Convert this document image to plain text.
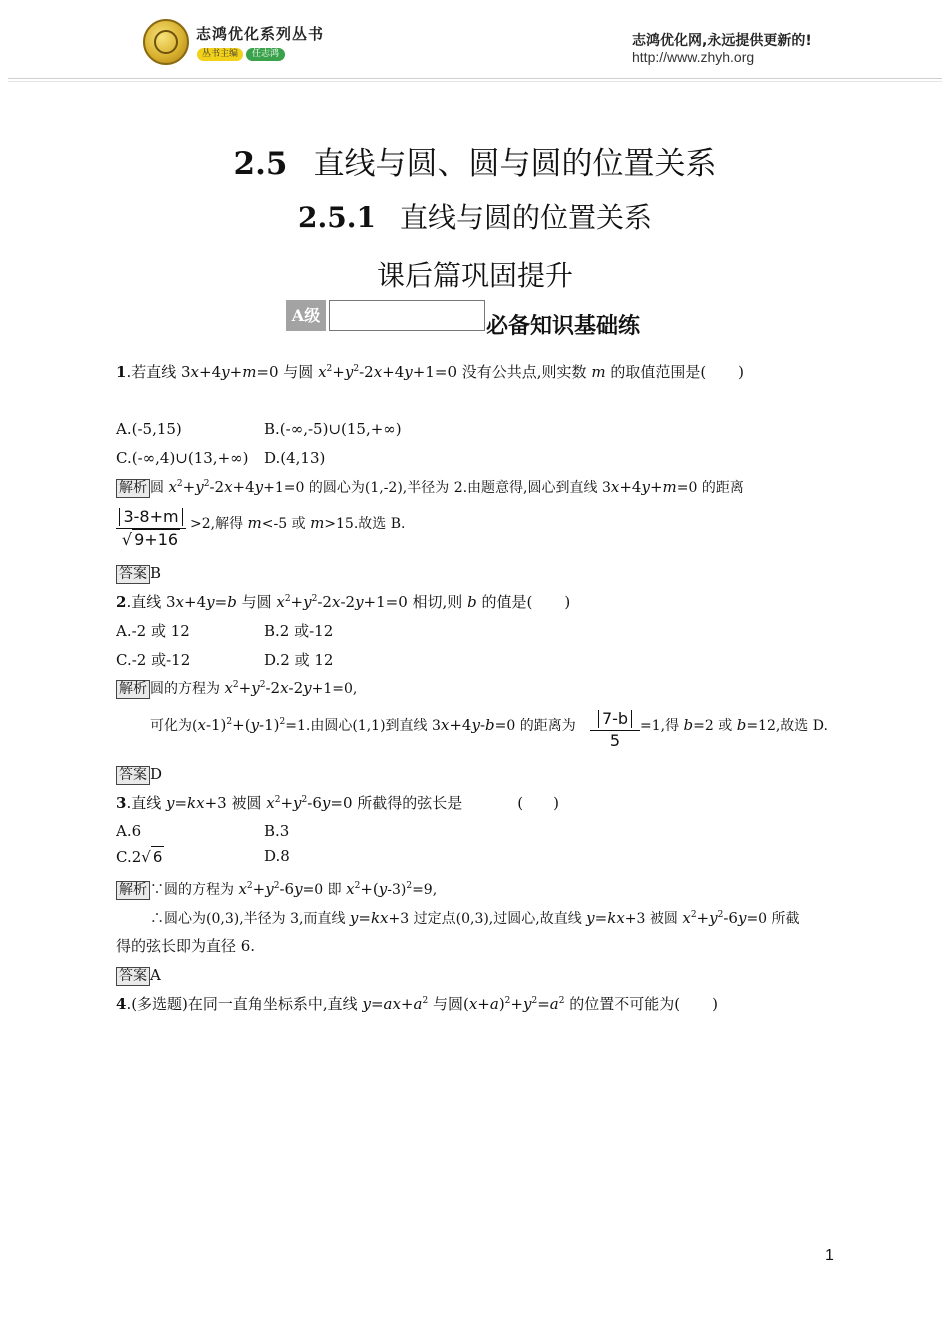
志鸿优化系列丛书
丛书主编	任志鸿
志鸿优化网,永远提供更新的!
http://www.zhyh.org
2.5 直线与圆、圆与圆的位置关系
2.5.1 直线与圆的位置关系
课后篇巩固提升
A级	必备知识基础练
1.若直线 3x+4y+m=0 与圆 $x^2+y^2-2x+4y+1=0$ 没有公共点,则实数 m 的取值范围是( )
A.(-5,15)	B.(-∞,-5)∪(15,+∞)
C.(-∞,4)∪(13,+∞) D.(4,13)
解析 圆 $x^2+y^2-2x+4y+1=0$ 的圆心为(1,-2),半径为 2.由题意得,圆心到直线 3x+4y+m=0 的距离
3-8+m
√ 9+16
>2,解得 m<-5 或 m>15.故选 B.
答案 B
2.直线 3x+4y=b 与圆 $x^2+y^2-2x-2y+1=0$ 相切,则 b 的值是( )
A.-2 或 12	B.2 或-12
C.-2 或-12	D.2 或 12
解析 圆的方程为 $x^2+y^2-2x-2y+1=0$,
可化为$(x-1)^2+(y-1)^2=1$.由圆心(1,1)到直线 3x+4y-b=0 的距离为	7-b
5
=1,得 b=2 或 b=12,故选 D.
答案 D
3.直线 y=kx+3 被圆 $x^2+y^2-6y=0$ 所截得的弦长是	( )
A.6	B.3
C.2√ 6	D.8
解析 ∵圆的方程为 $x^2+y^2-6y=0$ 即 $x^2+(y-3)^2=9$,
∴圆心为(0,3),半径为 3,而直线 y=kx+3 过定点(0,3),过圆心,故直线 y=kx+3 被圆 $x^2+y^2-6y=0$ 所截
得的弦长即为直径 6.
答案 A
4.(多选题)在同一直角坐标系中,直线 $y=ax+a^2$ 与圆$(x+a)^2+y^2=a^2$ 的位置不可能为( )
1
